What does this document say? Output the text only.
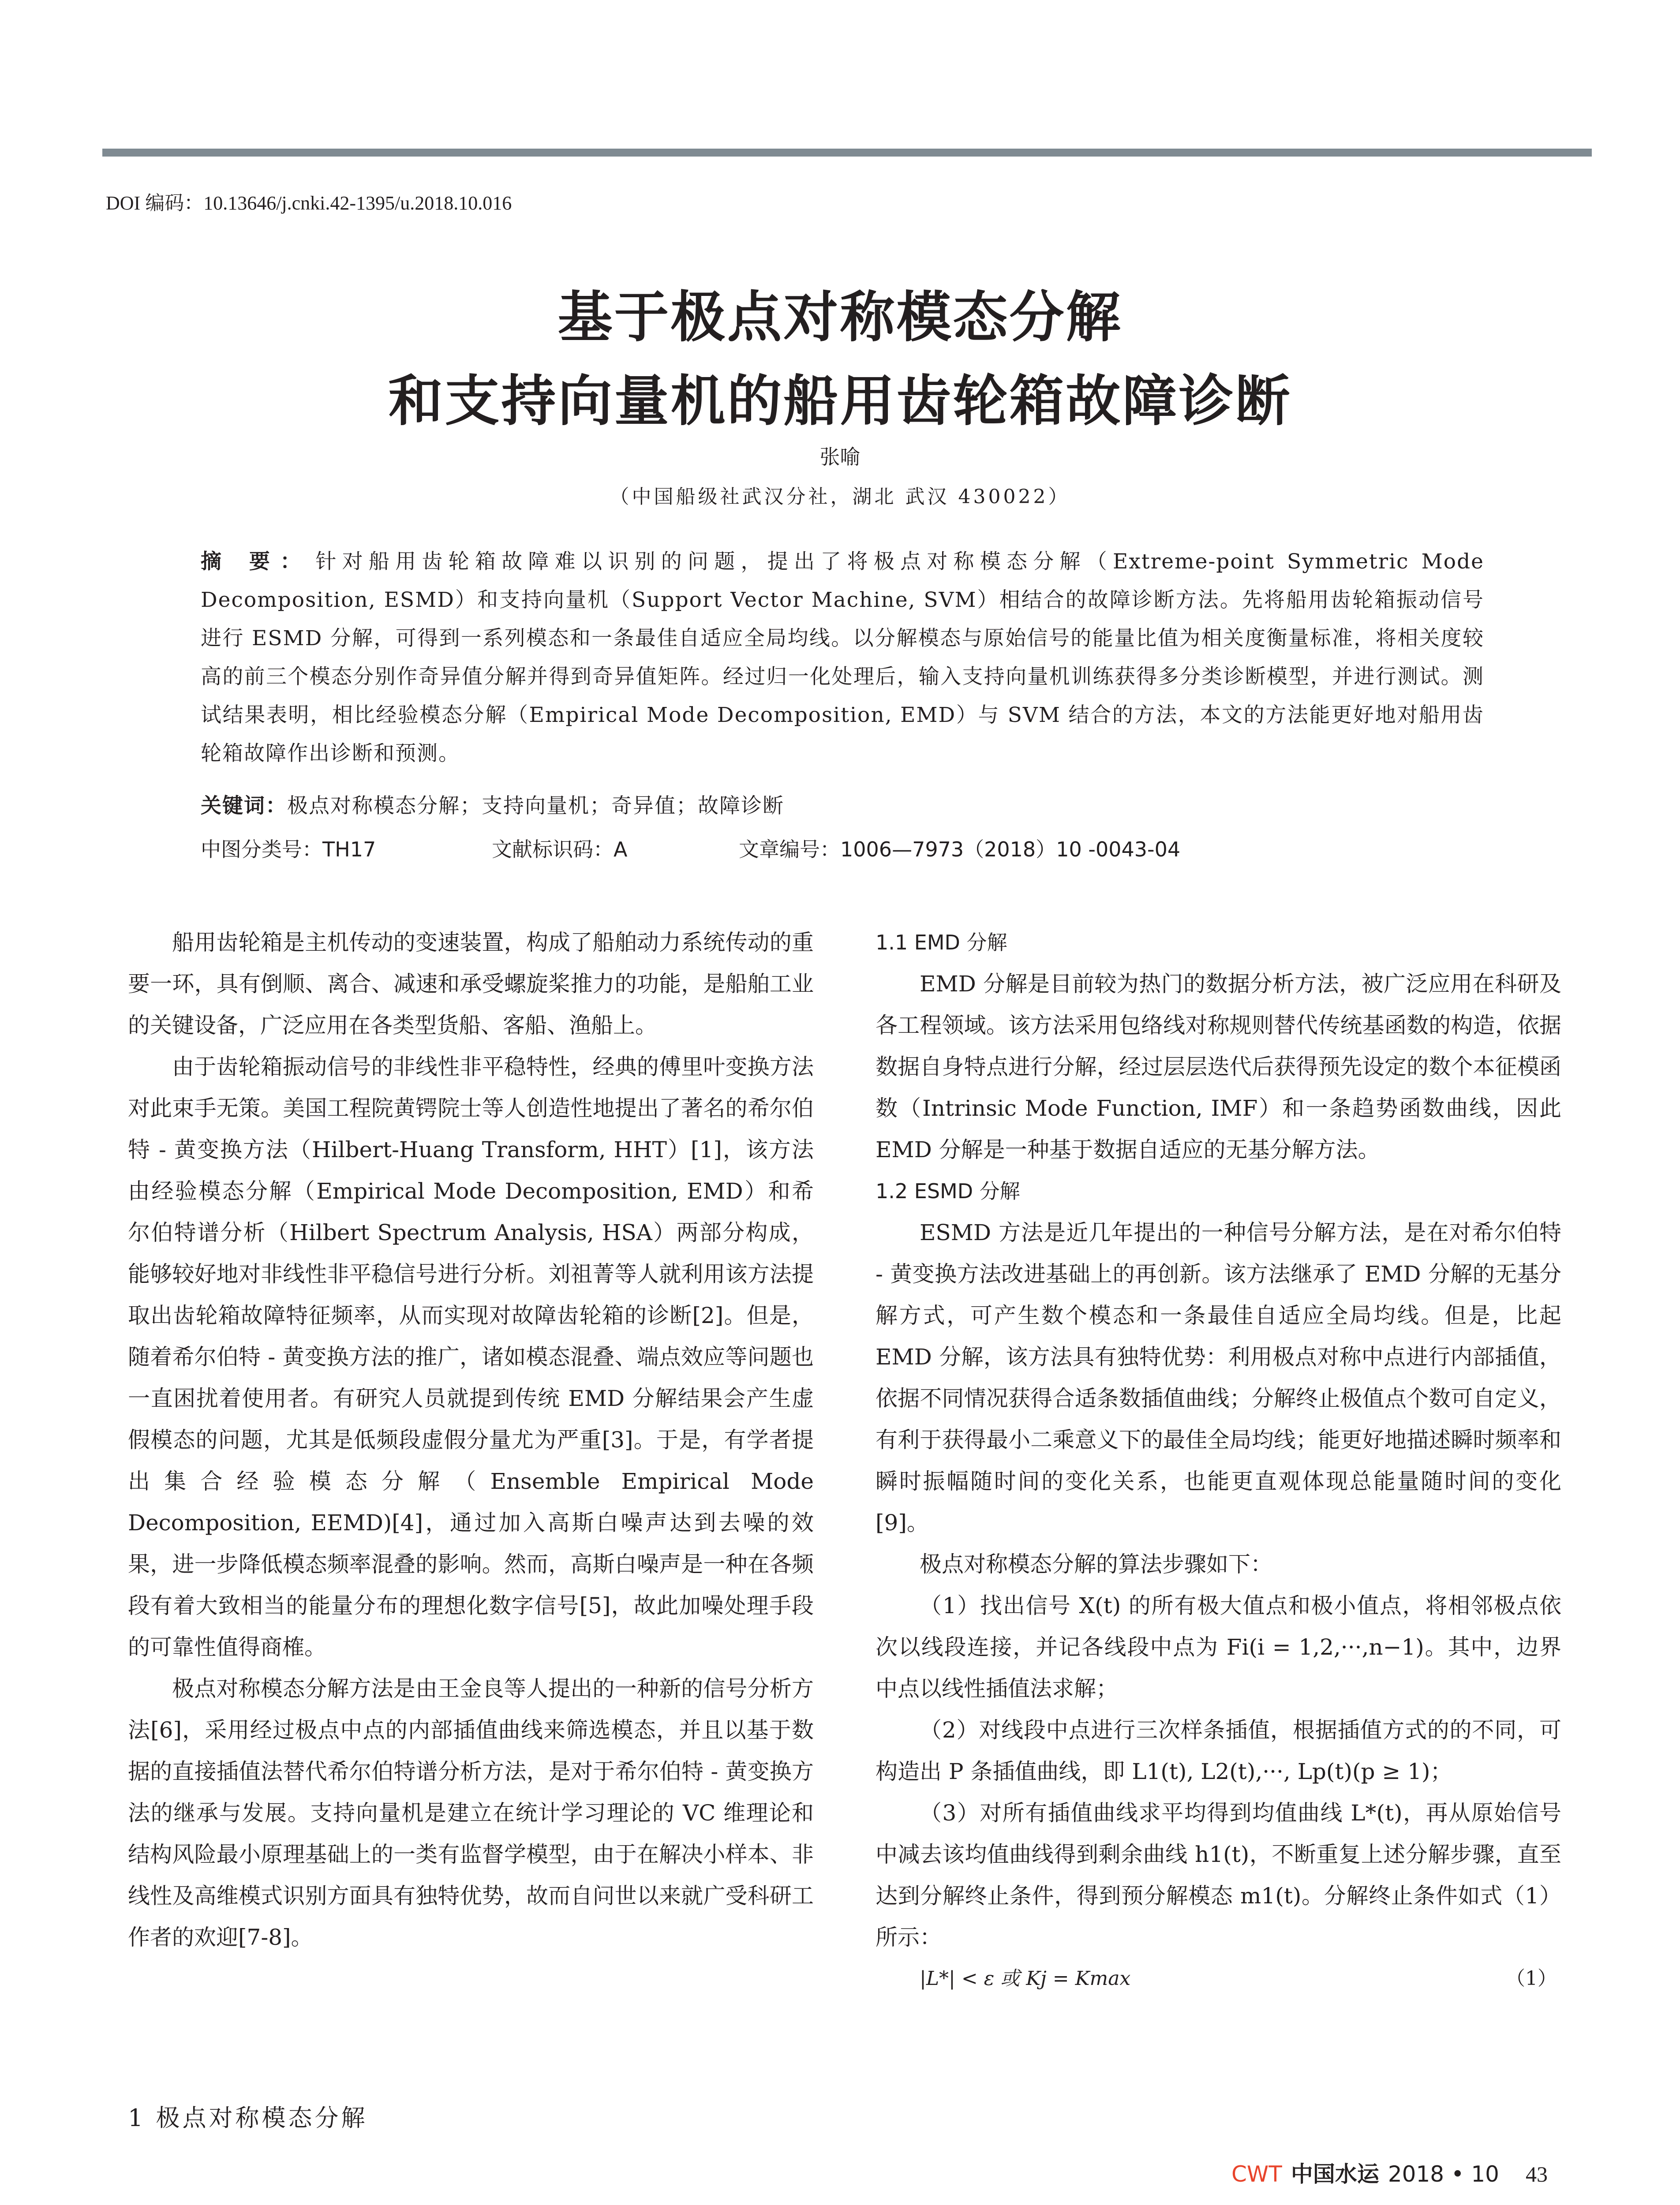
DOI 编码：10.13646/j.cnki.42-1395/u.2018.10.016
基于极点对称模态分解
和支持向量机的船用齿轮箱故障诊断
张喻
（中国船级社武汉分社，湖北 武汉 430022）
摘 要： 针对船用齿轮箱故障难以识别的问题，提出了将极点对称模态分解（Extreme-point Symmetric Mode Decomposition, ESMD）和支持向量机（Support Vector Machine, SVM）相结合的故障诊断方法。先将船用齿轮箱振动信号进行 ESMD 分解，可得到一系列模态和一条最佳自适应全局均线。以分解模态与原始信号的能量比值为相关度衡量标准，将相关度较高的前三个模态分别作奇异值分解并得到奇异值矩阵。经过归一化处理后，输入支持向量机训练获得多分类诊断模型，并进行测试。测试结果表明，相比经验模态分解（Empirical Mode Decomposition, EMD）与 SVM 结合的方法，本文的方法能更好地对船用齿轮箱故障作出诊断和预测。
关键词：极点对称模态分解；支持向量机；奇异值；故障诊断
中图分类号：TH17	文献标识码：A	文章编号：1006—7973（2018）10 -0043-04

船用齿轮箱是主机传动的变速装置，构成了船舶动力系统传动的重要一环，具有倒顺、离合、减速和承受螺旋桨推力的功能，是船舶工业的关键设备，广泛应用在各类型货船、客船、渔船上。

由于齿轮箱振动信号的非线性非平稳特性，经典的傅里叶变换方法对此束手无策。美国工程院黄锷院士等人创造性地提出了著名的希尔伯特 - 黄变换方法（Hilbert-Huang Transform, HHT）[1]，该方法由经验模态分解（Empirical Mode Decomposition, EMD）和希尔伯特谱分析（Hilbert Spectrum Analysis, HSA）两部分构成，能够较好地对非线性非平稳信号进行分析。刘祖菁等人就利用该方法提取出齿轮箱故障特征频率，从而实现对故障齿轮箱的诊断[2]。但是，随着希尔伯特 - 黄变换方法的推广，诸如模态混叠、端点效应等问题也一直困扰着使用者。有研究人员就提到传统 EMD 分解结果会产生虚假模态的问题，尤其是低频段虚假分量尤为严重[3]。于是，有学者提出集合经验模态分解（Ensemble Empirical Mode Decomposition, EEMD)[4]，通过加入高斯白噪声达到去噪的效果，进一步降低模态频率混叠的影响。然而，高斯白噪声是一种在各频段有着大致相当的能量分布的理想化数字信号[5]，故此加噪处理手段的可靠性值得商榷。

极点对称模态分解方法是由王金良等人提出的一种新的信号分析方法[6]，采用经过极点中点的内部插值曲线来筛选模态，并且以基于数据的直接插值法替代希尔伯特谱分析方法，是对于希尔伯特 - 黄变换方法的继承与发展。支持向量机是建立在统计学习理论的 VC 维理论和结构风险最小原理基础上的一类有监督学模型，由于在解决小样本、非线性及高维模式识别方面具有独特优势，故而自问世以来就广受科研工作者的欢迎[7-8]。

1 极点对称模态分解
1.1 EMD 分解

EMD 分解是目前较为热门的数据分析方法，被广泛应用在科研及各工程领域。该方法采用包络线对称规则替代传统基函数的构造，依据数据自身特点进行分解，经过层层迭代后获得预先设定的数个本征模函数（Intrinsic Mode Function, IMF）和一条趋势函数曲线，因此 EMD 分解是一种基于数据自适应的无基分解方法。

1.2 ESMD 分解

ESMD 方法是近几年提出的一种信号分解方法，是在对希尔伯特 - 黄变换方法改进基础上的再创新。该方法继承了 EMD 分解的无基分解方式，可产生数个模态和一条最佳自适应全局均线。但是，比起 EMD 分解，该方法具有独特优势：利用极点对称中点进行内部插值，依据不同情况获得合适条数插值曲线；分解终止极值点个数可自定义，有利于获得最小二乘意义下的最佳全局均线；能更好地描述瞬时频率和瞬时振幅随时间的变化关系，也能更直观体现总能量随时间的变化[9]。

极点对称模态分解的算法步骤如下：

（1）找出信号 X(t) 的所有极大值点和极小值点，将相邻极点依次以线段连接，并记各线段中点为 Fi(i = 1,2,···,n−1)。其中，边界中点以线性插值法求解；

（2）对线段中点进行三次样条插值，根据插值方式的的不同，可构造出 P 条插值曲线，即 L1(t), L2(t),···, Lp(t)(p ≥ 1)；

（3）对所有插值曲线求平均得到均值曲线 L*(t)，再从原始信号中减去该均值曲线得到剩余曲线 h1(t)，不断重复上述分解步骤，直至达到分解终止条件，得到预分解模态 m1(t)。分解终止条件如式（1）所示：

|L*| < ε 或 Kj = Kmax	（1）
CWT 中国水运 2018 • 10 43
